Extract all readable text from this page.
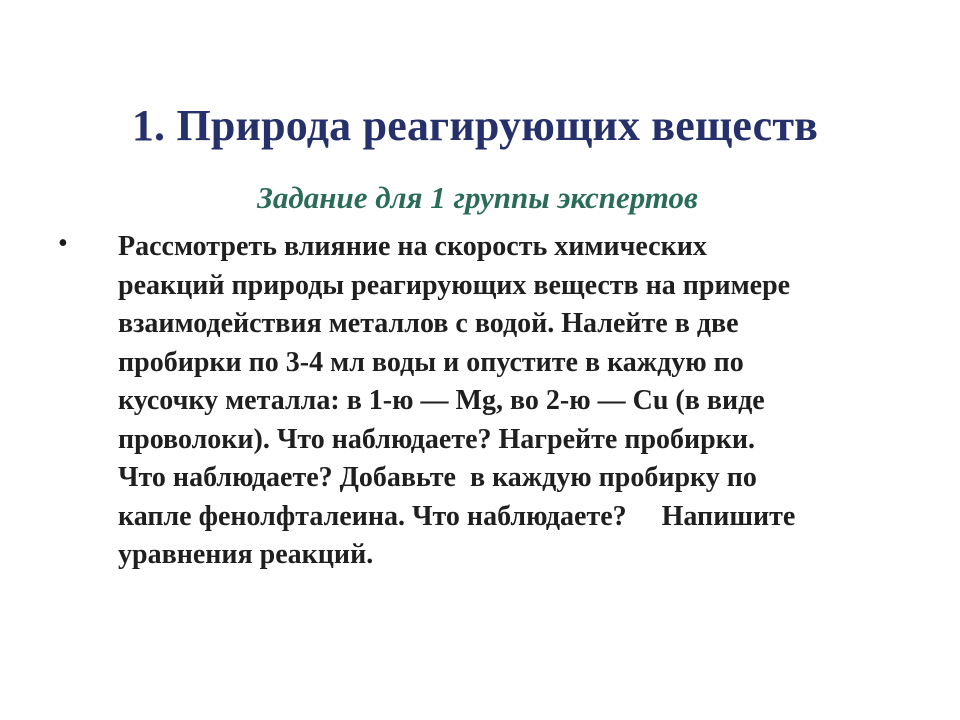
1. Природа реагирующих веществ
Задание для 1 группы экспертов
• Рассмотреть влияние на скорость химических
реакций природы реагирующих веществ на примере
взаимодействия металлов с водой. Налейте в две
пробирки по 3-4 мл воды и опустите в каждую по
кусочку металла: в 1-ю — Mg, во 2-ю — Cu (в виде
проволоки). Что наблюдаете? Нагрейте пробирки.
Что наблюдаете? Добавьте  в каждую пробирку по
капле фенолфталеина. Что наблюдаете?     Напишите
уравнения реакций.
